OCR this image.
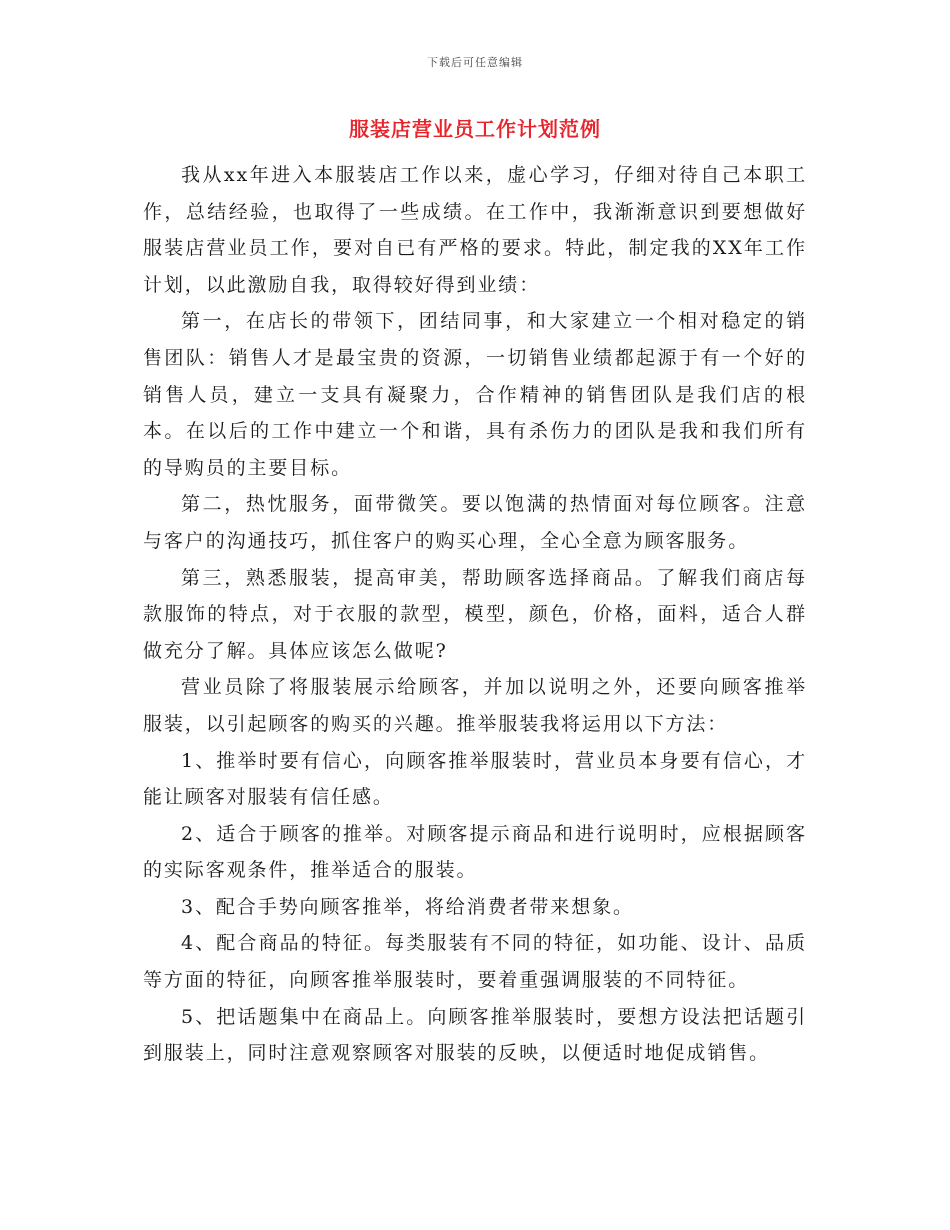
下载后可任意编辑
服装店营业员工作计划范例

我从xx年进入本服装店工作以来，虚心学习，仔细对待自己本职工作，总结经验，也取得了一些成绩。在工作中，我渐渐意识到要想做好服装店营业员工作，要对自已有严格的要求。特此，制定我的XX年工作计划，以此激励自我，取得较好得到业绩：

第一，在店长的带领下，团结同事，和大家建立一个相对稳定的销售团队：销售人才是最宝贵的资源，一切销售业绩都起源于有一个好的销售人员，建立一支具有凝聚力，合作精神的销售团队是我们店的根本。在以后的工作中建立一个和谐，具有杀伤力的团队是我和我们所有的导购员的主要目标。

第二，热忱服务，面带微笑。要以饱满的热情面对每位顾客。注意与客户的沟通技巧，抓住客户的购买心理，全心全意为顾客服务。

第三，熟悉服装，提高审美，帮助顾客选择商品。了解我们商店每款服饰的特点，对于衣服的款型，模型，颜色，价格，面料，适合人群做充分了解。具体应该怎么做呢?

营业员除了将服装展示给顾客，并加以说明之外，还要向顾客推举服装，以引起顾客的购买的兴趣。推举服装我将运用以下方法：

1、推举时要有信心，向顾客推举服装时，营业员本身要有信心，才能让顾客对服装有信任感。

2、适合于顾客的推举。对顾客提示商品和进行说明时，应根据顾客的实际客观条件，推举适合的服装。

3、配合手势向顾客推举，将给消费者带来想象。

4、配合商品的特征。每类服装有不同的特征，如功能、设计、品质等方面的特征，向顾客推举服装时，要着重强调服装的不同特征。

5、把话题集中在商品上。向顾客推举服装时，要想方设法把话题引到服装上，同时注意观察顾客对服装的反映，以便适时地促成销售。
